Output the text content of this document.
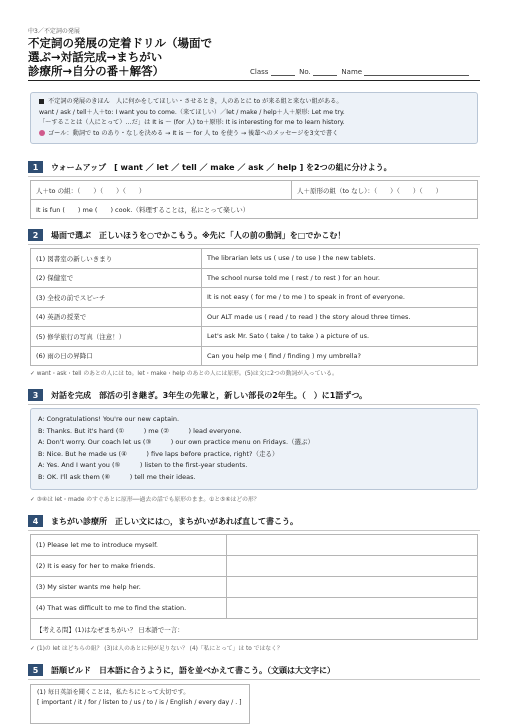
中3／不定詞の発展
不定詞の発展の定着ドリル（場面で
選ぶ→対話完成→まちがい
診療所→自分の番＋解答）	Class	No.	Name
不定詞の発展のきほん　人に何かをしてほしい・させるとき，人のあとに to が来る組と来ない組がある。
want / ask / tell＋人＋to: I want you to come.（来てほしい）／let / make / help＋人＋原形: Let me try.
「～することは（人にとって）…だ」は It is ～ (for 人) to＋原形: It is interesting for me to learn history.
ゴール：動詞で to のあり・なしを決める → It is ～ for 人 to を使う → 後輩へのメッセージを3文で書く
1	ウォームアップ　[ want ／ let ／ tell ／ make ／ ask ／ help ] を2つの組に分けよう。
人＋to の組：（　　）（　　）（　　）	人＋原形の組（to なし）：（　　）（　　）（　　）
It is fun (　　) me (　　) cook.（料理することは，私にとって楽しい）
2	場面で選ぶ　正しいほうを○でかこもう。※先に「人の前の動詞」を□でかこむ！
(1) 図書室の新しいきまり	The librarian lets us ( use / to use ) the new tablets.
(2) 保健室で	The school nurse told me ( rest / to rest ) for an hour.
(3) 全校の前でスピーチ	It is not easy ( for me / to me ) to speak in front of everyone.
(4) 英語の授業で	Our ALT made us ( read / to read ) the story aloud three times.
(5) 修学旅行の写真（注意！）	Let's ask Mr. Sato ( take / to take ) a picture of us.
(6) 雨の日の昇降口	Can you help me ( find / finding ) my umbrella?
✓ want・ask・tell のあとの人には to。let・make・help のあとの人には原形。(5)は文に2つの動詞が入っている。
3	対話を完成　部活の引き継ぎ。3年生の先輩と，新しい部長の2年生。（　）に1語ずつ。
A: Congratulations! You're our new captain.
B: Thanks. But it's hard (①　　　) me (②　　　) lead everyone.
A: Don't worry. Our coach let us (③　　　) our own practice menu on Fridays.（選ぶ）
B: Nice. But he made us (④　　　) five laps before practice, right?（走る）
A: Yes. And I want you (⑤　　　) listen to the first-year students.
B: OK. I'll ask them (⑥　　　) tell me their ideas.
✓ ③④は let・made のすぐあとに原形──過去の話でも原形のまま。①と⑤⑥はどの形？
4	まちがい診療所　正しい文には○，まちがいがあれば直して書こう。
(1) Please let me to introduce myself.	
(2) It is easy for her to make friends.	
(3) My sister wants me help her.	
(4) That was difficult to me to find the station.	
【考える問】(1)はなぜまちがい？ 日本語で一言：	
✓ (1)の let はどちらの組？ (3)は人のあとに何が足りない？ (4)「私にとって」は to ではなく？
5	語順ビルド　日本語に合うように，語を並べかえて書こう。（文頭は大文字に）
(1) 毎日英語を聞くことは，私たちにとって大切です。
[ important / it / for / listen to / us / to / is / English / every day / . ]
